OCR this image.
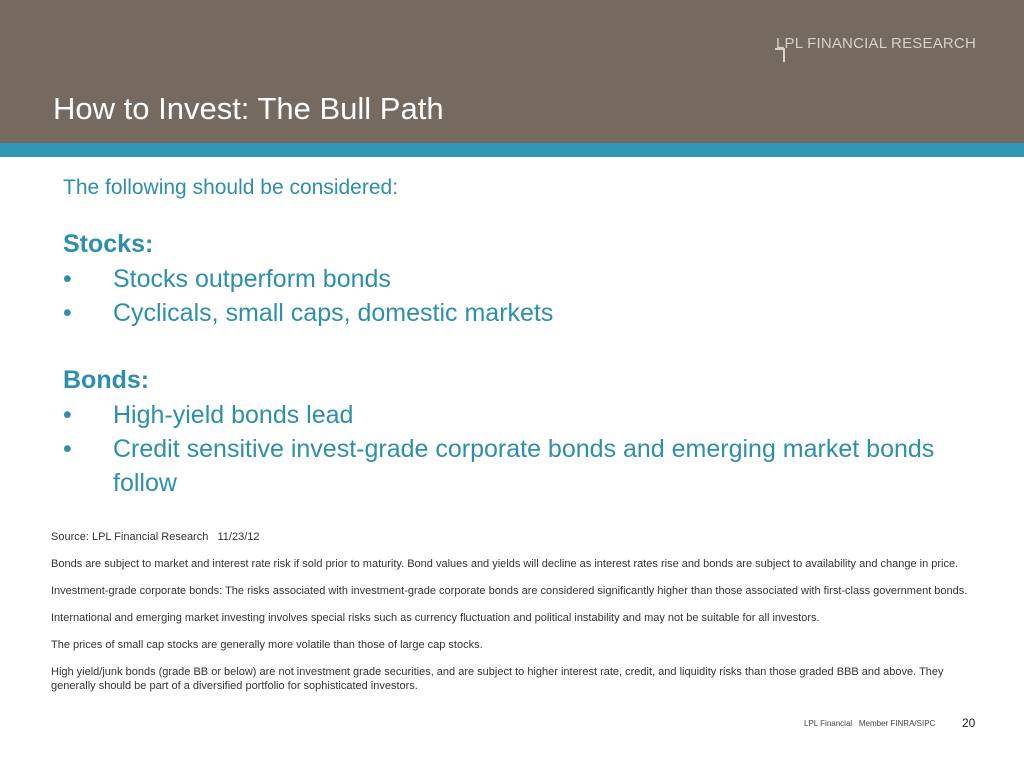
LPL FINANCIAL RESEARCH
How to Invest: The Bull Path

The following should be considered:

Stocks:

• Stocks outperform bonds
• Cyclicals, small caps, domestic markets

Bonds:

• High-yield bonds lead
• Credit sensitive invest-grade corporate bonds and emerging market bonds follow

Source: LPL Financial Research   11/23/12

Bonds are subject to market and interest rate risk if sold prior to maturity. Bond values and yields will decline as interest rates rise and bonds are subject to availability and change in price.

Investment-grade corporate bonds: The risks associated with investment-grade corporate bonds are considered significantly higher than those associated with first-class government bonds.

International and emerging market investing involves special risks such as currency fluctuation and political instability and may not be suitable for all investors.

The prices of small cap stocks are generally more volatile than those of large cap stocks.

High yield/junk bonds (grade BB or below) are not investment grade securities, and are subject to higher interest rate, credit, and liquidity risks than those graded BBB and above. They generally should be part of a diversified portfolio for sophisticated investors.

LPL Financial   Member FINRA/SIPC 20
